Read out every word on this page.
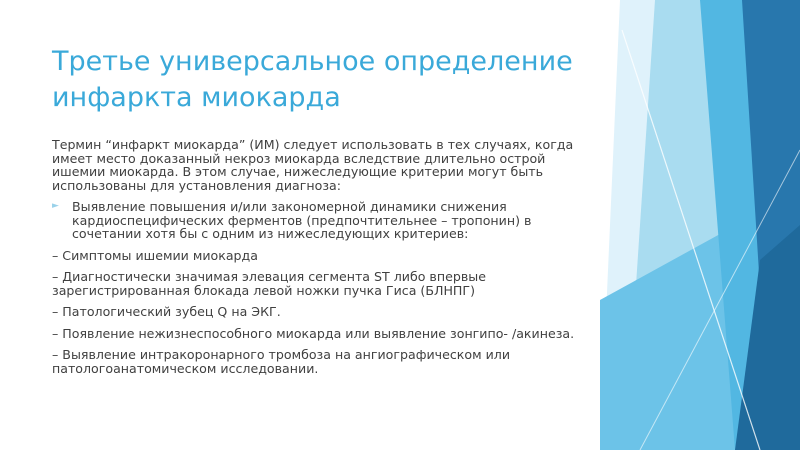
Третье универсальное определение инфаркта миокарда

Термин “инфаркт миокарда” (ИМ) следует использовать в тех случаях, когда имеет место доказанный некроз миокарда вследствие длительно острой ишемии миокарда. В этом случае, нижеследующие критерии могут быть использованы для установления диагноза:

► Выявление повышения и/или закономерной динамики снижения кардиоспецифических ферментов (предпочтительнее – тропонин) в сочетании хотя бы с одним из нижеследующих критериев:

– Симптомы ишемии миокарда

– Диагностически значимая элевация сегмента ST либо впервые зарегистрированная блокада левой ножки пучка Гиса (БЛНПГ)

– Патологический зубец Q на ЭКГ.

– Появление нежизнеспособного миокарда или выявление зонгипо- /акинеза.

– Выявление интракоронарного тромбоза на ангиографическом или патологоанатомическом исследовании.
